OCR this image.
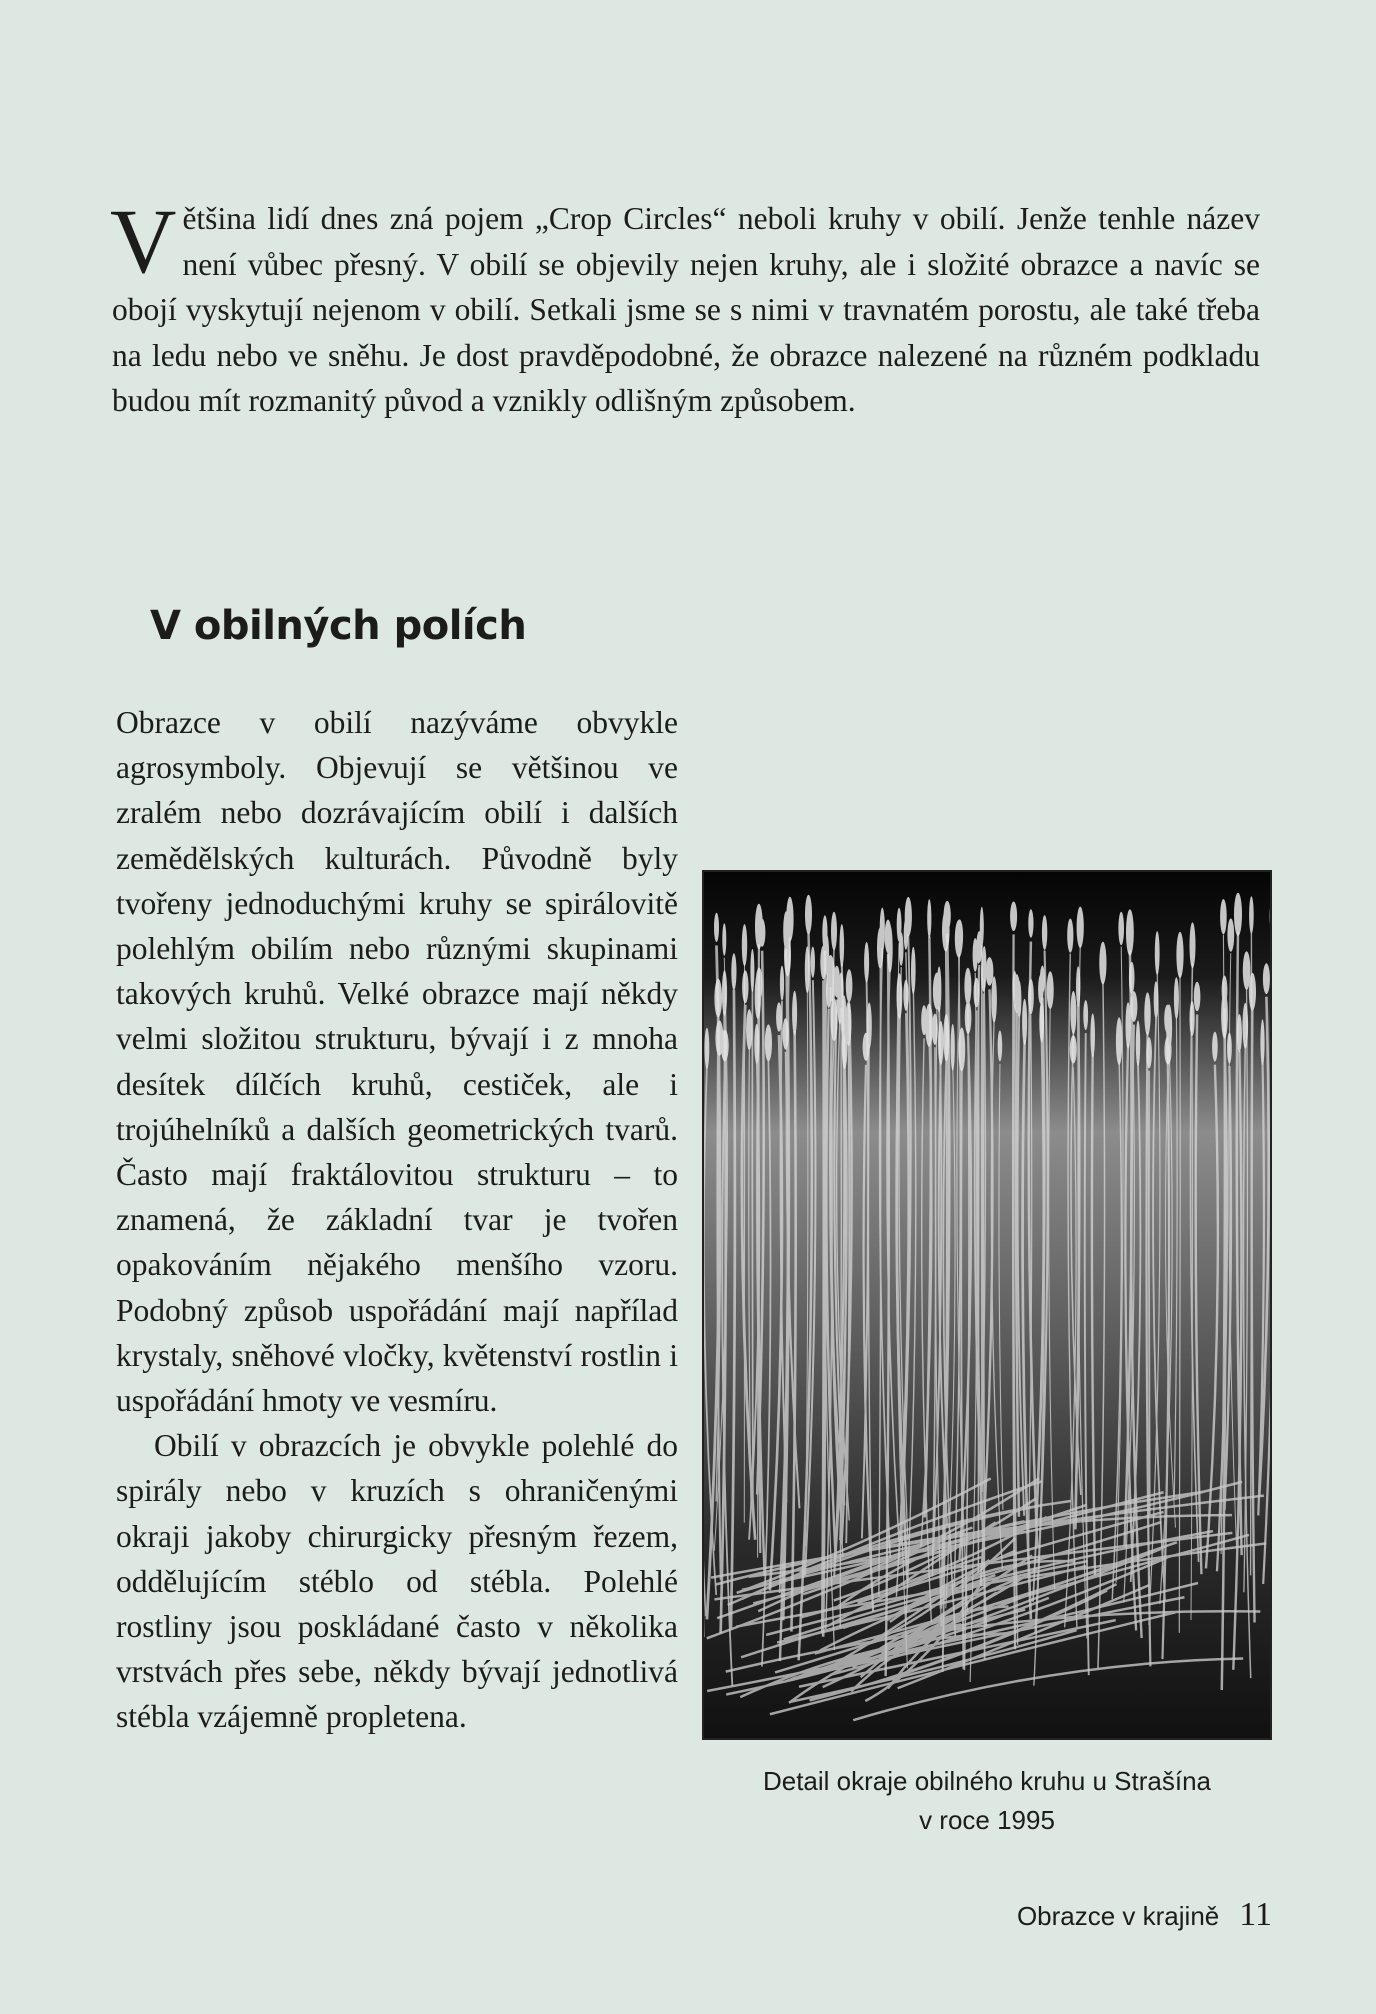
V ětšina lidí dnes zná pojem „Crop Circles“ neboli kruhy v obilí. Jenže tenhle název není vůbec přesný. V obilí se objevily nejen kruhy, ale i složité obrazce a navíc se obojí vyskytují nejenom v obilí. Setkali jsme se s nimi v travnatém porostu, ale také třeba na ledu nebo ve sněhu. Je dost pravděpodobné, že obrazce nalezené na různém podkladu budou mít rozmanitý původ a vznikly odlišným způsobem.
V obilných polích

Obrazce v obilí nazýváme obvykle agrosymboly. Objevují se většinou ve zralém nebo dozrávajícím obilí i dalších zemědělských kulturách. Původně byly tvořeny jednoduchými kruhy se spirálovitě polehlým obilím nebo různými skupinami takových kruhů. Velké obrazce mají někdy velmi složitou strukturu, bývají i z mnoha desítek dílčích kruhů, cestiček, ale i trojúhelníků a dalších geometrických tvarů. Často mají fraktálovitou strukturu – to znamená, že základní tvar je tvořen opakováním nějakého menšího vzoru. Podobný způsob uspořádání mají napřílad krystaly, sněhové vločky, květenství rostlin i uspořádání hmoty ve vesmíru.

Obilí v obrazcích je obvykle polehlé do spirály nebo v kruzích s ohraničenými okraji jakoby chirurgicky přesným řezem, oddělujícím stéblo od stébla. Polehlé rostliny jsou poskládané často v několika vrstvách přes sebe, někdy bývají jednotlivá stébla vzájemně propletena.

Detail okraje obilného kruhu u Strašína
v roce 1995
Obrazce v krajině 11
